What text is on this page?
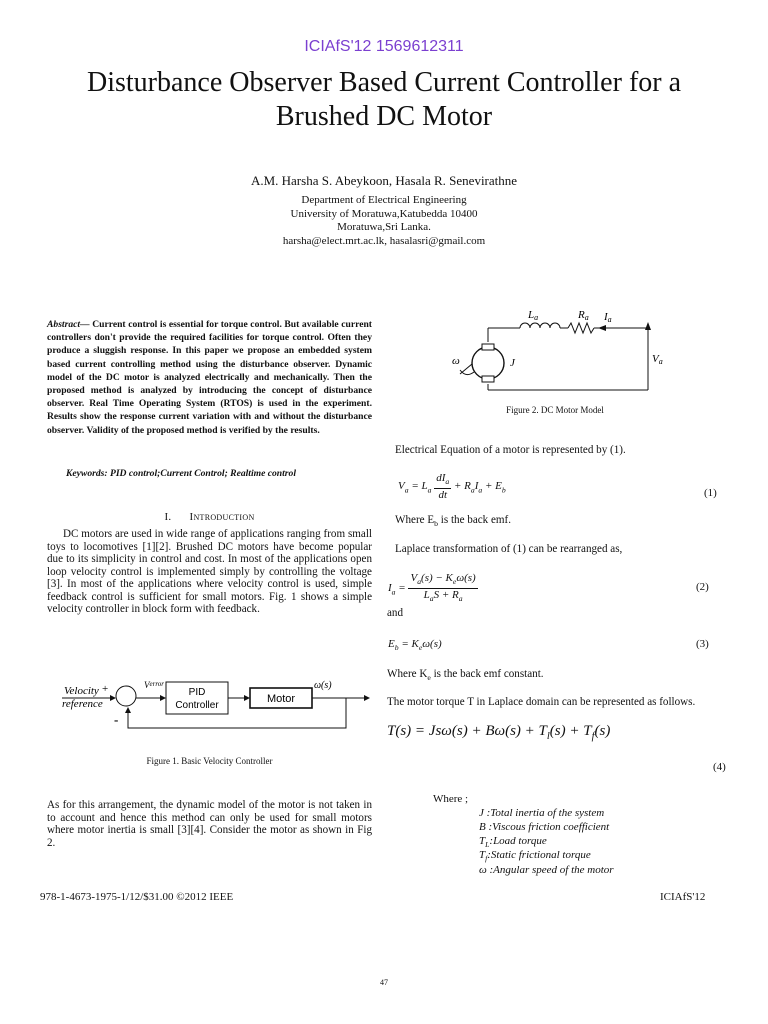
ICIAfS'12 1569612311
Disturbance Observer Based Current Controller for a
Brushed DC Motor
A.M. Harsha S. Abeykoon, Hasala R. Senevirathne
Department of Electrical Engineering
University of Moratuwa,Katubedda 10400
Moratuwa,Sri Lanka.
harsha@elect.mrt.ac.lk, hasalasri@gmail.com
Abstract— Current control is essential for torque control. But available current controllers don't provide the required facilities for torque control. Often they produce a sluggish response. In this paper we propose an embedded system based current controlling method using the disturbance observer. Dynamic model of the DC motor is analyzed electrically and mechanically. Then the proposed method is analyzed by introducing the concept of disturbance observer. Real Time Operating System (RTOS) is used in the experiment. Results show the response current variation with and without the disturbance observer. Validity of the proposed method is verified by the results.
Keywords: PID control;Current Control; Realtime control
I. Introduction
DC motors are used in wide range of applications ranging from small toys to locomotives [1][2]. Brushed DC motors have become popular due to its simplicity in control and cost. In most of the applications open loop velocity control is implemented simply by controlling the voltage [3]. In most of the applications where velocity control is used, simple feedback control is sufficient for small motors. Fig. 1 shows a simple velocity controller in block form with feedback.
Velocity +
reference
$V^{error}$
PID
Controller
Motor
ω(s)
-
Figure 1. Basic Velocity Controller
As for this arrangement, the dynamic model of the motor is not taken in to account and hence this method can only be used for small motors where motor inertia is small [3][4]. Consider the motor as shown in Fig 2.
La	Ra Ia
Va
ω	J
Figure 2. DC Motor Model
Electrical Equation of a motor is represented by (1).
$V_a = L_a \frac{dI_a}{dt} + R_aI_a + E_b$	(1)
Where $E_b$ is the back emf.
Laplace transformation of (1) can be rearranged as,
$I_a = \frac{V_a(s) - K_e\omega(s)}{L_aS + R_a}$	(2)
and
$E_b = K_e\omega(s)$	(3)
Where $K_e$ is the back emf constant.
The motor torque T in Laplace domain can be represented as follows.
$T(s) = Js\omega(s) + B\omega(s) + T_l(s) + T_f(s)$
(4)
Where ;
J :Total inertia of the system
B :Viscous friction coefficient
$T_L:Load$ torque
$T_f:Static$ frictional torque
ω :Angular speed of the motor
978-1-4673-1975-1/12/$31.00 ©2012 IEEE	ICIAfS'12
47
